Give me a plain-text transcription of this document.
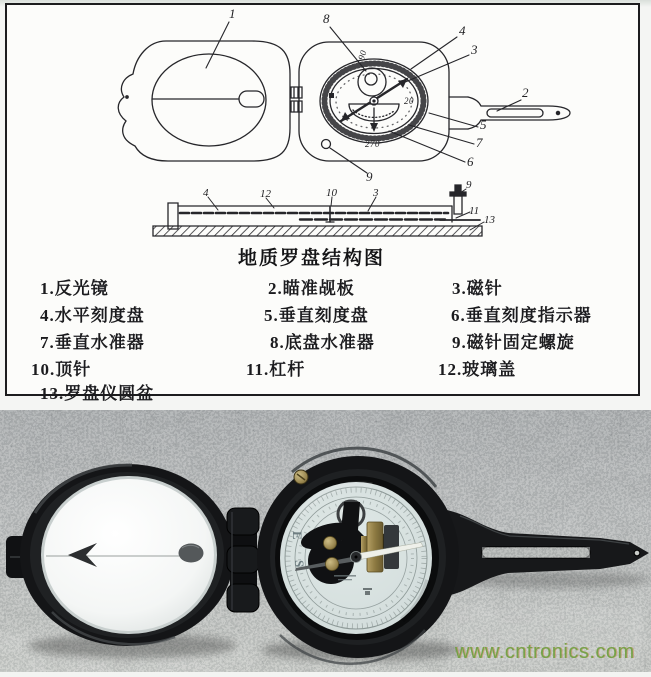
90
270
20
1	8
4
3
2
5
7
6
9
4	12	10	3
9
11
13
地质罗盘结构图
1.反光镜	2.瞄准觇板	3.磁针
4.水平刻度盘	5.垂直刻度盘	6.垂直刻度指示器
7.垂直水准器	8.底盘水准器	9.磁针固定螺旋
10.顶针	11.杠杆	12.玻璃盖
13.罗盘仪圆盆
E
S
www.cntronics.com
